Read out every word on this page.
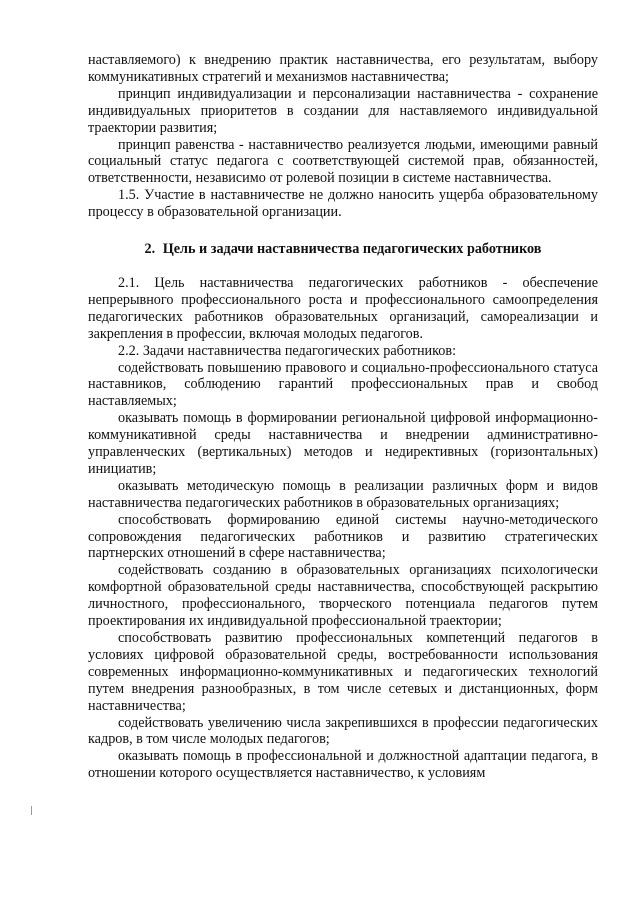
наставляемого) к внедрению практик наставничества, его результатам, выбору коммуникативных стратегий и механизмов наставничества;

принцип индивидуализации и персонализации наставничества - сохранение индивидуальных приоритетов в создании для наставляемого индивидуальной траектории развития;

принцип равенства - наставничество реализуется людьми, имеющими равный социальный статус педагога с соответствующей системой прав, обязанностей, ответственности, независимо от ролевой позиции в системе наставничества.

1.5. Участие в наставничестве не должно наносить ущерба образовательному процессу в образовательной организации.

2. Цель и задачи наставничества педагогических работников

2.1. Цель наставничества педагогических работников - обеспечение непрерывного профессионального роста и профессионального самоопределения педагогических работников образовательных организаций, самореализации и закрепления в профессии, включая молодых педагогов.

2.2. Задачи наставничества педагогических работников:

содействовать повышению правового и социально-профессионального статуса наставников, соблюдению гарантий профессиональных прав и свобод наставляемых;

оказывать помощь в формировании региональной цифровой информационно-коммуникативной среды наставничества и внедрении административно-управленческих (вертикальных) методов и недирективных (горизонтальных) инициатив;

оказывать методическую помощь в реализации различных форм и видов наставничества педагогических работников в образовательных организациях;

способствовать формированию единой системы научно-методического сопровождения педагогических работников и развитию стратегических партнерских отношений в сфере наставничества;

содействовать созданию в образовательных организациях психологически комфортной образовательной среды наставничества, способствующей раскрытию личностного, профессионального, творческого потенциала педагогов путем проектирования их индивидуальной профессиональной траектории;

способствовать развитию профессиональных компетенций педагогов в условиях цифровой образовательной среды, востребованности использования современных информационно-коммуникативных и педагогических технологий путем внедрения разнообразных, в том числе сетевых и дистанционных, форм наставничества;

содействовать увеличению числа закрепившихся в профессии педагогических кадров, в том числе молодых педагогов;

оказывать помощь в профессиональной и должностной адаптации педагога, в отношении которого осуществляется наставничество, к условиям
